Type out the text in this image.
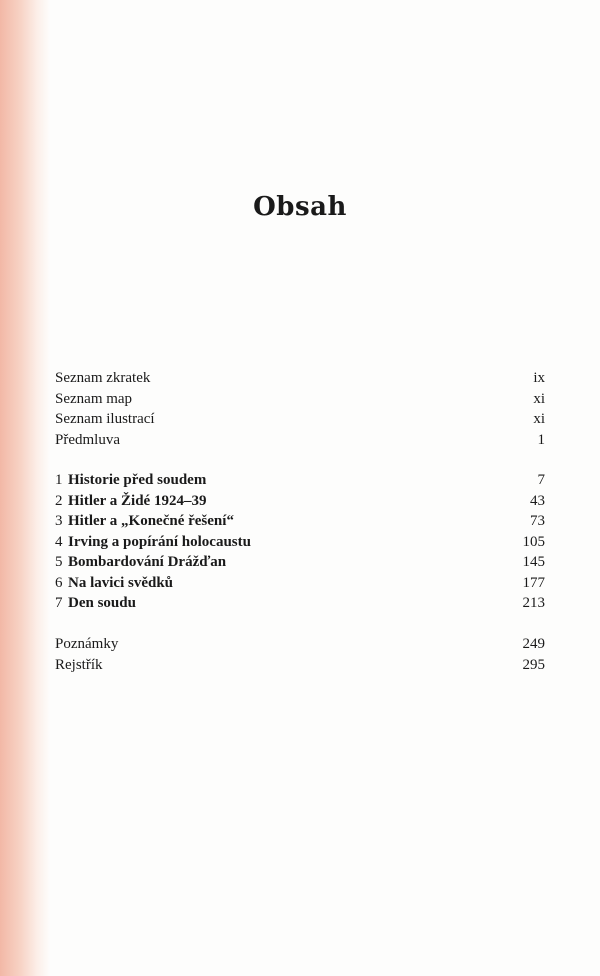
Obsah
Seznam zkratek	ix
Seznam map	xi
Seznam ilustrací	xi
Předmluva	1
1 Historie před soudem	7
2 Hitler a Židé 1924–39	43
3 Hitler a „Konečné řešení“	73
4 Irving a popírání holocaustu	105
5 Bombardování Drážďan	145
6 Na lavici svědků	177
7 Den soudu	213
Poznámky	249
Rejstřík	295
